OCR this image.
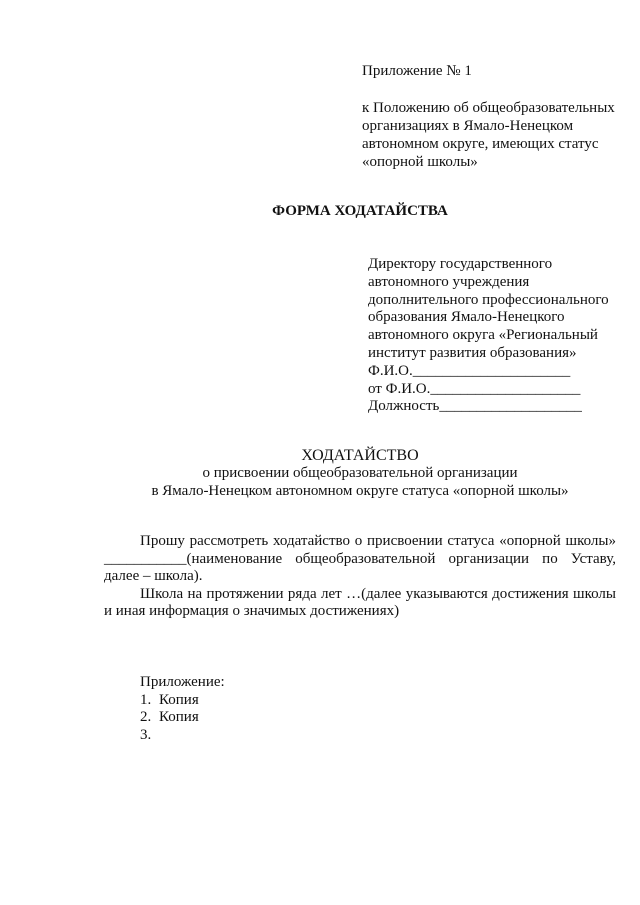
Приложение № 1

к Положению об общеобразовательных организациях в Ямало-Ненецком автономном округе, имеющих статус «опорной школы»

ФОРМА ХОДАТАЙСТВА

Директору государственного
автономного учреждения
дополнительного профессионального
образования Ямало-Ненецкого
автономного округа «Региональный
институт развития образования»
Ф.И.О._____________________
от Ф.И.О.____________________
Должность___________________

ХОДАТАЙСТВО

о присвоении общеобразовательной организации
в Ямало-Ненецком автономном округе статуса «опорной школы»

Прошу рассмотреть ходатайство о присвоении статуса «опорной школы» ___________(наименование общеобразовательной организации по Уставу, далее – школа).

Школа на протяжении ряда лет …(далее указываются достижения школы и иная информация о значимых достижениях)

Приложение:
1. Копия
2. Копия
3.
